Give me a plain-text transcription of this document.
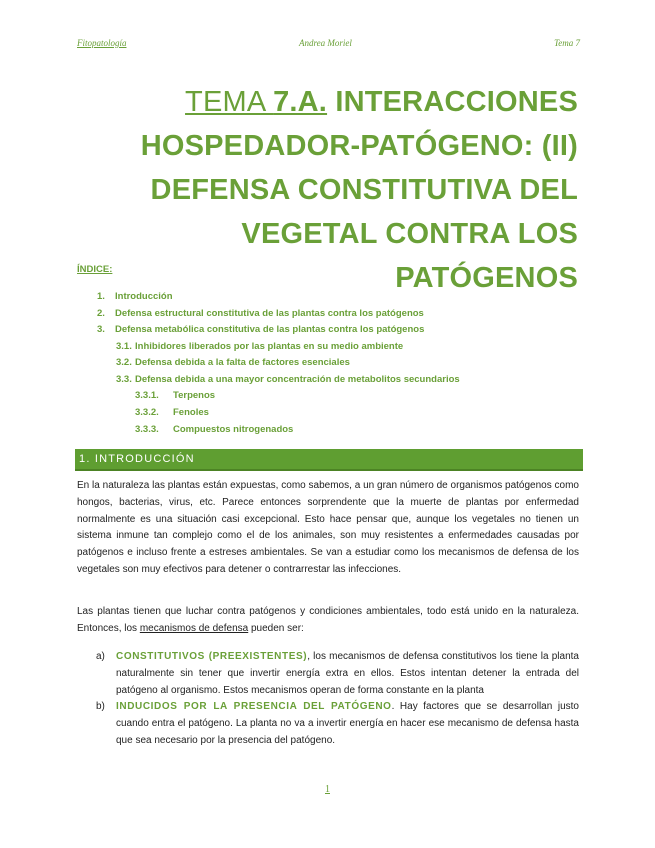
Fitopatología	Andrea Moriel	Tema 7
TEMA 7.A. INTERACCIONES
HOSPEDADOR-PATÓGENO: (II)
DEFENSA CONSTITUTIVA DEL
VEGETAL CONTRA LOS PATÓGENOS
ÍNDICE:
1. Introducción
2. Defensa estructural constitutiva de las plantas contra los patógenos
3. Defensa metabólica constitutiva de las plantas contra los patógenos
3.1. Inhibidores liberados por las plantas en su medio ambiente
3.2. Defensa debida a la falta de factores esenciales
3.3. Defensa debida a una mayor concentración de metabolitos secundarios
3.3.1. Terpenos
3.3.2. Fenoles
3.3.3. Compuestos nitrogenados
1. INTRODUCCIÓN
En la naturaleza las plantas están expuestas, como sabemos, a un gran número de organismos patógenos como hongos, bacterias, virus, etc. Parece entonces sorprendente que la muerte de plantas por enfermedad normalmente es una situación casi excepcional. Esto hace pensar que, aunque los vegetales no tienen un sistema inmune tan complejo como el de los animales, son muy resistentes a enfermedades causadas por patógenos e incluso frente a estreses ambientales. Se van a estudiar como los mecanismos de defensa de los vegetales son muy efectivos para detener o contrarrestar las infecciones.
Las plantas tienen que luchar contra patógenos y condiciones ambientales, todo está unido en la naturaleza. Entonces, los mecanismos de defensa pueden ser:
a) CONSTITUTIVOS (PREEXISTENTES), los mecanismos de defensa constitutivos los tiene la planta naturalmente sin tener que invertir energía extra en ellos. Estos intentan detener la entrada del patógeno al organismo. Estos mecanismos operan de forma constante en la planta
b) INDUCIDOS POR LA PRESENCIA DEL PATÓGENO. Hay factores que se desarrollan justo cuando entra el patógeno. La planta no va a invertir energía en hacer ese mecanismo de defensa hasta que sea necesario por la presencia del patógeno.
1
